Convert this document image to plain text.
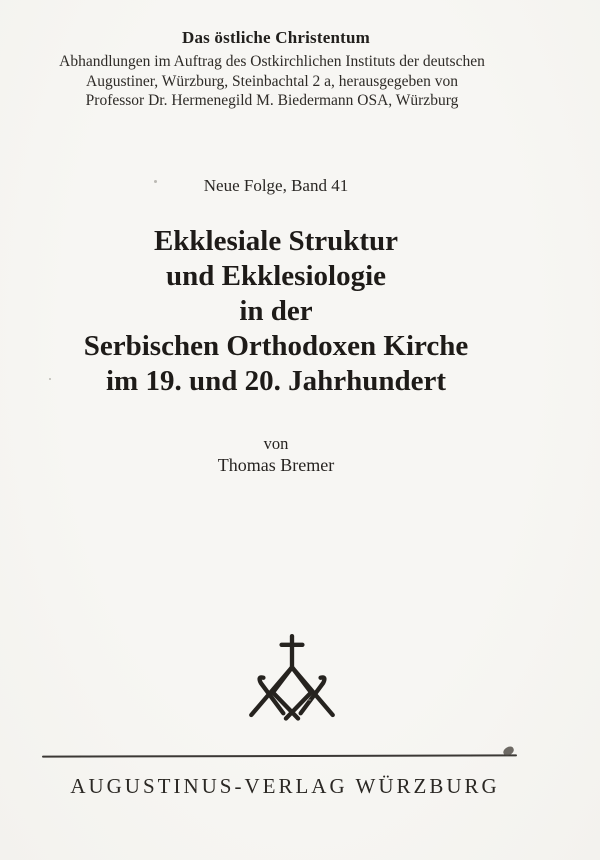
Das östliche Christentum
Abhandlungen im Auftrag des Ostkirchlichen Instituts der deutschen
Augustiner, Würzburg, Steinbachtal 2 a, herausgegeben von
Professor Dr. Hermenegild M. Biedermann OSA, Würzburg
Neue Folge, Band 41
Ekklesiale Struktur
und Ekklesiologie
in der
Serbischen Orthodoxen Kirche
im 19. und 20. Jahrhundert
von
Thomas Bremer
AUGUSTINUS-VERLAG WÜRZBURG
